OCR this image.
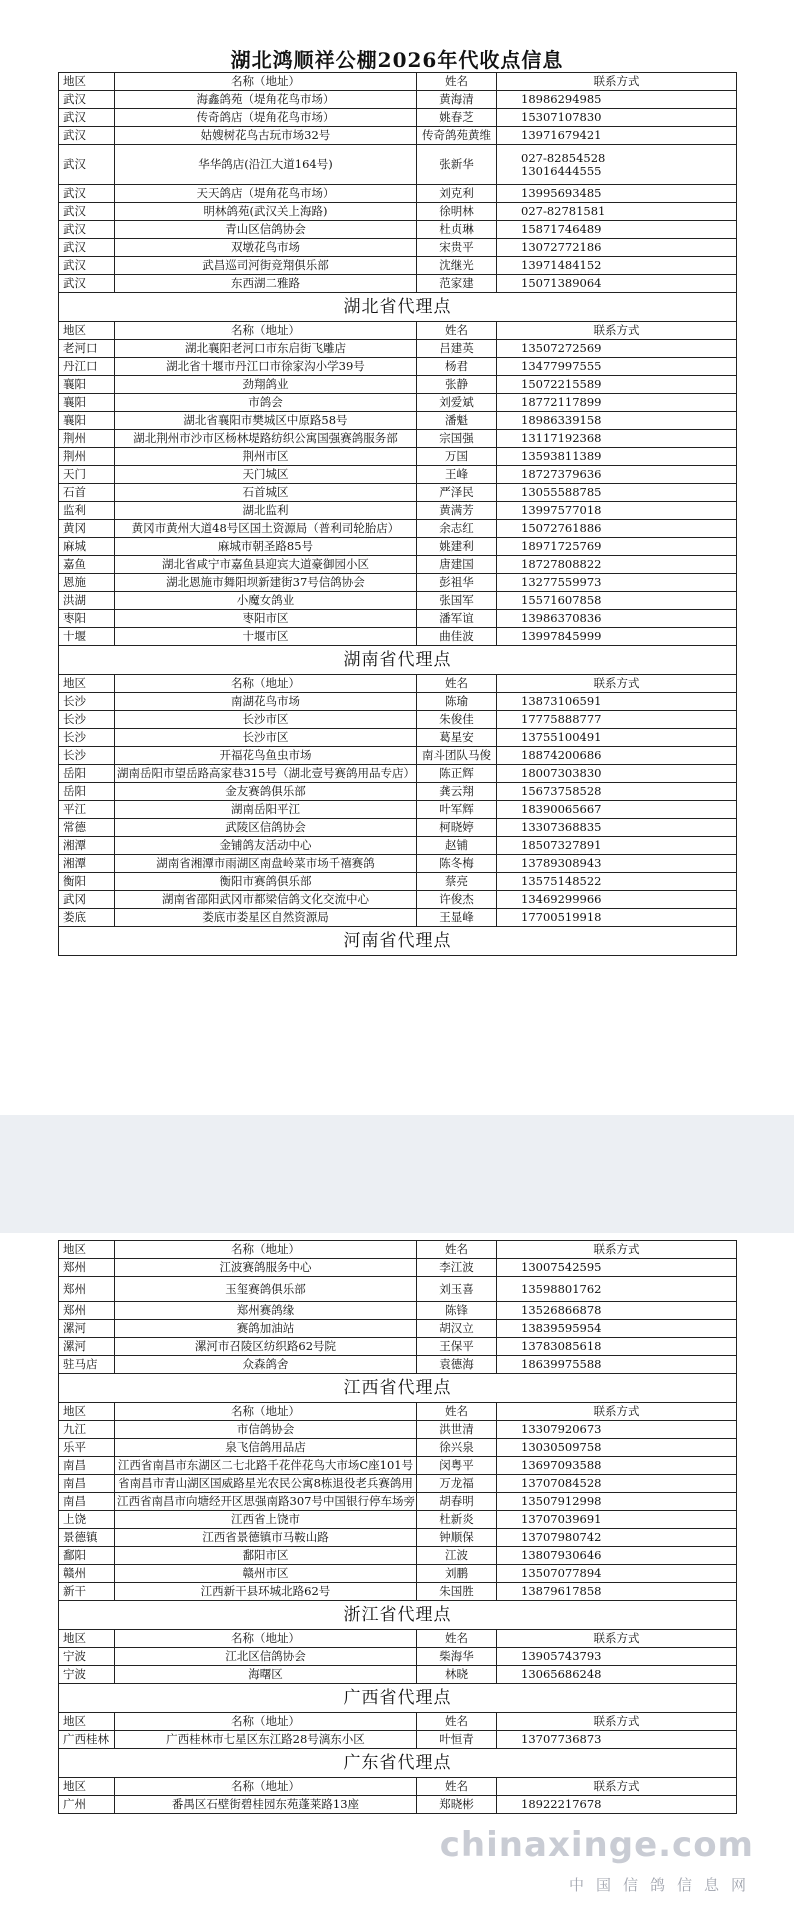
湖北鸿顺祥公棚2026年代收点信息
地区	名称（地址）	姓名	联系方式
武汉	海鑫鸽苑（堤角花鸟市场）	黄海清	18986294985
武汉	传奇鸽店（堤角花鸟市场）	姚春芝	15307107830
武汉	姑嫂树花鸟古玩市场32号	传奇鸽苑黄维	13971679421
武汉	华华鸽店(沿江大道164号)	张新华	027-82854528
13016444555
武汉	天天鸽店（堤角花鸟市场）	刘克利	13995693485
武汉	明林鸽苑(武汉关上海路)	徐明林	027-82781581
武汉	青山区信鸽协会	杜贞琳	15871746489
武汉	双墩花鸟市场	宋贵平	13072772186
武汉	武昌巡司河街竞翔俱乐部	沈继光	13971484152
武汉	东西湖二雅路	范家建	15071389064
湖北省代理点			
地区	名称（地址）	姓名	联系方式
老河口	湖北襄阳老河口市东启街飞雕店	吕建英	13507272569
丹江口	湖北省十堰市丹江口市徐家沟小学39号	杨君	13477997555
襄阳	劲翔鸽业	张静	15072215589
襄阳	市鸽会	刘爱斌	18772117899
襄阳	湖北省襄阳市樊城区中原路58号	潘魁	18986339158
荆州	湖北荆州市沙市区杨林堤路纺织公寓国强赛鸽服务部	宗国强	13117192368
荆州	荆州市区	万国	13593811389
天门	天门城区	王峰	18727379636
石首	石首城区	严泽民	13055588785
监利	湖北监利	黄满芳	13997577018
黄冈	黄冈市黄州大道48号区国土资源局（普利司轮胎店）	余志红	15072761886
麻城	麻城市朝圣路85号	姚建利	18971725769
嘉鱼	湖北省咸宁市嘉鱼县迎宾大道豪御园小区	唐建国	18727808822
恩施	湖北恩施市舞阳坝新建街37号信鸽协会	彭祖华	13277559973
洪湖	小魔女鸽业	张国军	15571607858
枣阳	枣阳市区	潘军谊	13986370836
十堰	十堰市区	曲佳波	13997845999
湖南省代理点			
地区	名称（地址）	姓名	联系方式
长沙	南湖花鸟市场	陈瑜	13873106591
长沙	长沙市区	朱俊佳	17775888777
长沙	长沙市区	葛星安	13755100491
长沙	开福花鸟鱼虫市场	南斗团队马俊	18874200686
岳阳	湖南岳阳市望岳路高家巷315号（湖北壹号赛鸽用品专店）	陈正辉	18007303830
岳阳	金友赛鸽俱乐部	龚云翔	15673758528
平江	湖南岳阳平江	叶军辉	18390065667
常德	武陵区信鸽协会	柯晓婷	13307368835
湘潭	金铺鸽友活动中心	赵铺	18507327891
湘潭	湖南省湘潭市雨湖区南盘岭菜市场千禧赛鸽	陈冬梅	13789308943
衡阳	衡阳市赛鸽俱乐部	蔡亮	13575148522
武冈	湖南省邵阳武冈市都梁信鸽文化交流中心	许俊杰	13469299966
娄底	娄底市娄星区自然资源局	王显峰	17700519918
河南省代理点			
地区	名称（地址）	姓名	联系方式
郑州	江波赛鸽服务中心	李江波	13007542595
郑州	玉玺赛鸽俱乐部	刘玉喜	13598801762
郑州	郑州赛鸽缘	陈锋	13526866878
漯河	赛鸽加油站	胡汉立	13839595954
漯河	漯河市召陵区纺织路62号院	王保平	13783085618
驻马店	众森鸽舍	袁德海	18639975588
江西省代理点			
地区	名称（地址）	姓名	联系方式
九江	市信鸽协会	洪世清	13307920673
乐平	泉飞信鸽用品店	徐兴泉	13030509758
南昌	江西省南昌市东湖区二七北路千花伴花鸟大市场C座101号	闵粤平	13697093588
南昌	省南昌市青山湖区国威路星光农民公寓8栋退役老兵赛鸽用	万龙福	13707084528
南昌	江西省南昌市向塘经开区思强南路307号中国银行停车场旁	胡春明	13507912998
上饶	江西省上饶市	杜新炎	13707039691
景德镇	江西省景德镇市马鞍山路	钟顺保	13707980742
鄱阳	鄱阳市区	江波	13807930646
赣州	赣州市区	刘鹏	13507077894
新干	江西新干县环城北路62号	朱国胜	13879617858
浙江省代理点			
地区	名称（地址）	姓名	联系方式
宁波	江北区信鸽协会	柴海华	13905743793
宁波	海曙区	林晓	13065686248
广西省代理点			
地区	名称（地址）	姓名	联系方式
广西桂林	广西桂林市七星区东江路28号漓东小区	叶恒青	13707736873
广东省代理点			
地区	名称（地址）	姓名	联系方式
广州	番禺区石壁街碧桂园东苑蓬莱路13座	郑晓彬	18922217678
chinaxinge.com
中国信鸽信息网
